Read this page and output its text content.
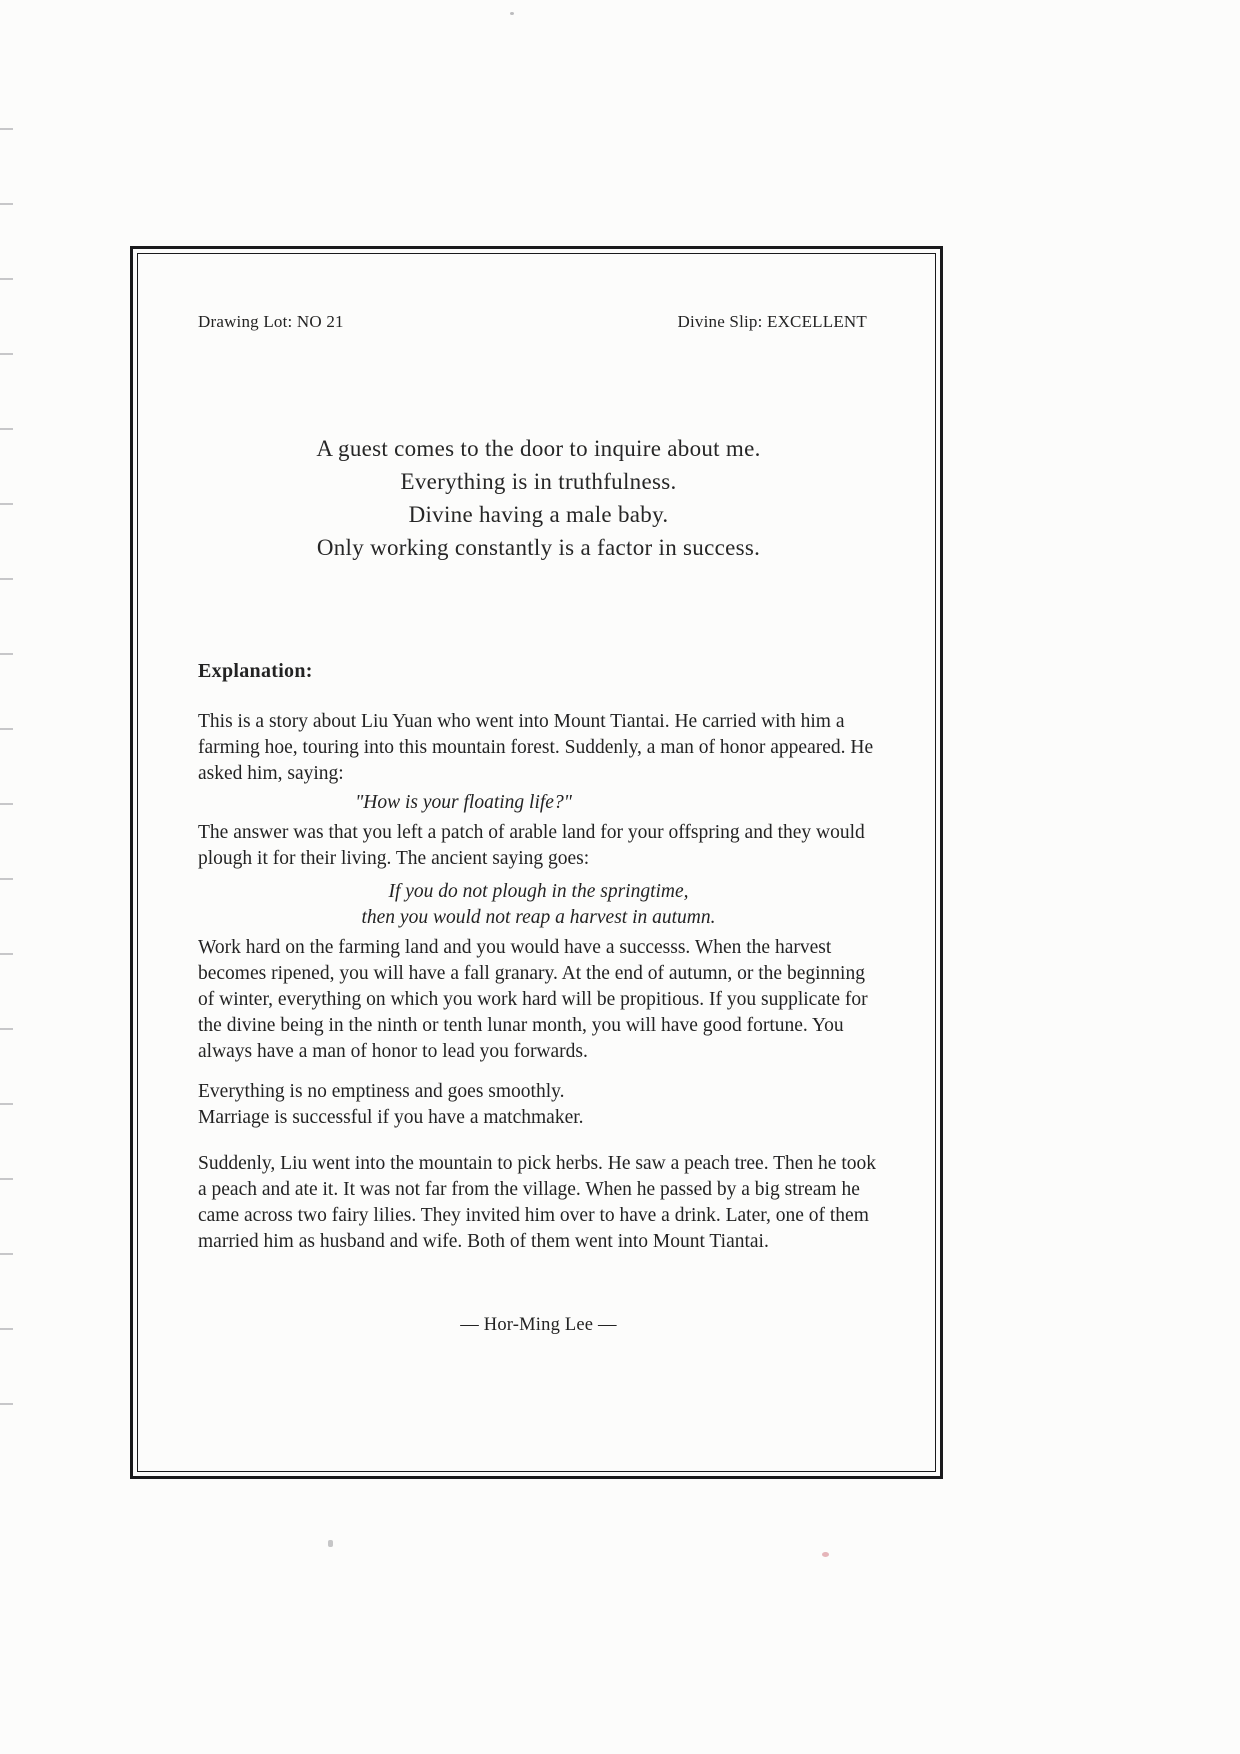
Drawing Lot: NO 21	Divine Slip: EXCELLENT
A guest comes to the door to inquire about me.
Everything is in truthfulness.
Divine having a male baby.
Only working constantly is a factor in success.
Explanation:

This is a story about Liu Yuan who went into Mount Tiantai. He carried with him a farming hoe, touring into this mountain forest. Suddenly, a man of honor appeared. He asked him, saying:

"How is your floating life?"

The answer was that you left a patch of arable land for your offspring and they would plough it for their living. The ancient saying goes:

If you do not plough in the springtime,
then you would not reap a harvest in autumn.

Work hard on the farming land and you would have a successs. When the harvest becomes ripened, you will have a fall granary. At the end of autumn, or the beginning of winter, everything on which you work hard will be propitious. If you supplicate for the divine being in the ninth or tenth lunar month, you will have good fortune. You always have a man of honor to lead you forwards.

Everything is no emptiness and goes smoothly.

Marriage is successful if you have a matchmaker.

Suddenly, Liu went into the mountain to pick herbs. He saw a peach tree. Then he took a peach and ate it. It was not far from the village. When he passed by a big stream he came across two fairy lilies. They invited him over to have a drink. Later, one of them married him as husband and wife. Both of them went into Mount Tiantai.

— Hor-Ming Lee —
